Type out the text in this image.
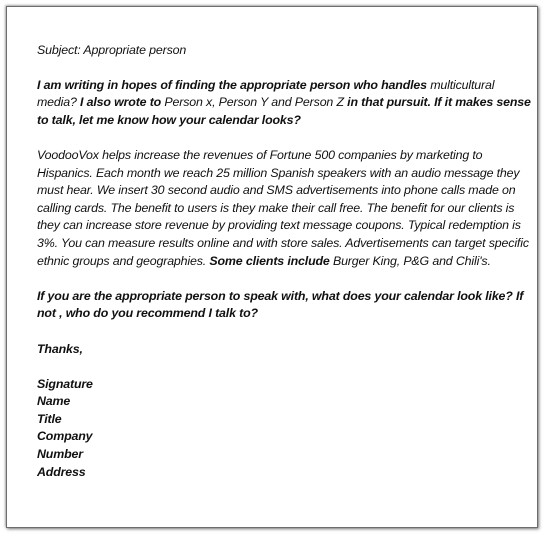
Subject: Appropriate person

I am writing in hopes of finding the appropriate person who handles multicultural media? I also wrote to Person x, Person Y and Person Z in that pursuit. If it makes sense to talk, let me know how your calendar looks?

VoodooVox helps increase the revenues of Fortune 500 companies by marketing to Hispanics. Each month we reach 25 million Spanish speakers with an audio message they must hear. We insert 30 second audio and SMS advertisements into phone calls made on calling cards. The benefit to users is they make their call free. The benefit for our clients is they can increase store revenue by providing text message coupons. Typical redemption is 3%. You can measure results online and with store sales. Advertisements can target specific ethnic groups and geographies. Some clients include Burger King, P&G and Chili's.

If you are the appropriate person to speak with, what does your calendar look like? If not , who do you recommend I talk to?

Thanks,

Signature
Name
Title
Company
Number
Address
